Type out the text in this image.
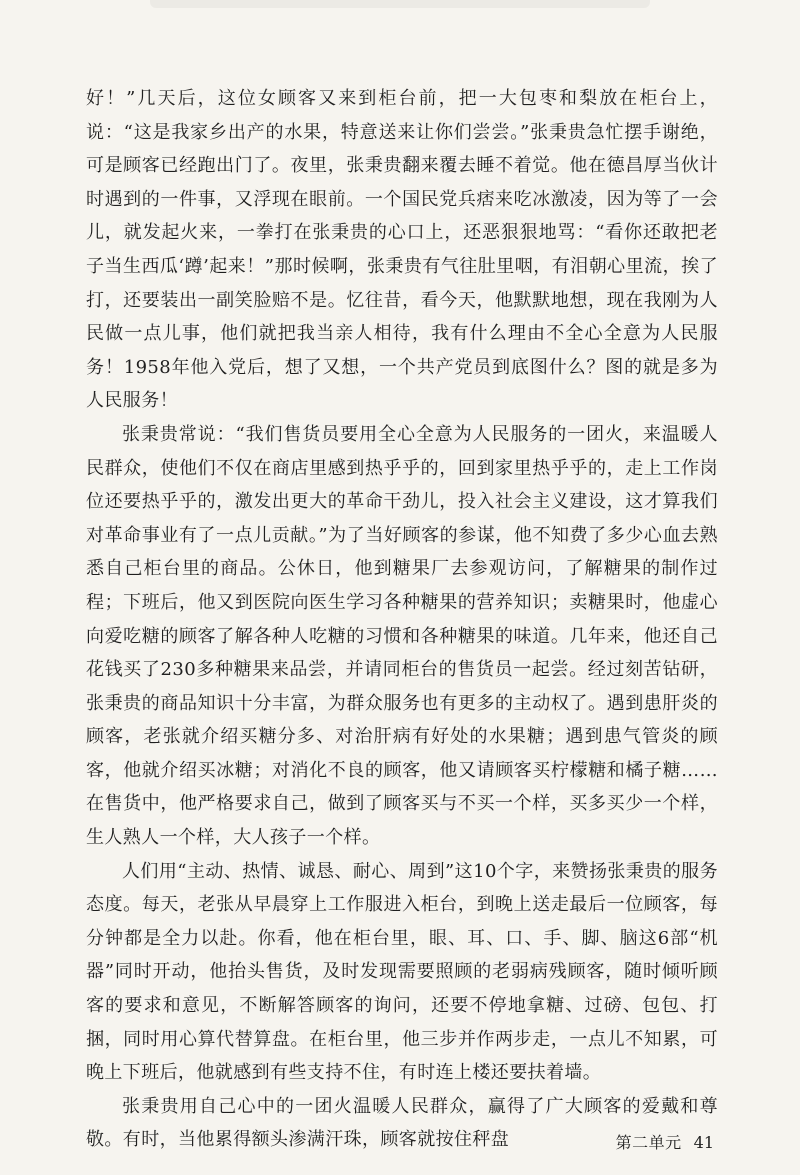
好！”几天后，这位女顾客又来到柜台前，把一大包枣和梨放在柜台上，说：“这是我家乡出产的水果，特意送来让你们尝尝。”张秉贵急忙摆手谢绝，可是顾客已经跑出门了。夜里，张秉贵翻来覆去睡不着觉。他在德昌厚当伙计时遇到的一件事，又浮现在眼前。一个国民党兵痞来吃冰激凌，因为等了一会儿，就发起火来，一拳打在张秉贵的心口上，还恶狠狠地骂：“看你还敢把老子当生西瓜‘蹲’起来！”那时候啊，张秉贵有气往肚里咽，有泪朝心里流，挨了打，还要装出一副笑脸赔不是。忆往昔，看今天，他默默地想，现在我刚为人民做一点儿事，他们就把我当亲人相待，我有什么理由不全心全意为人民服务！1958年他入党后，想了又想，一个共产党员到底图什么？图的就是多为人民服务！

张秉贵常说：“我们售货员要用全心全意为人民服务的一团火，来温暖人民群众，使他们不仅在商店里感到热乎乎的，回到家里热乎乎的，走上工作岗位还要热乎乎的，激发出更大的革命干劲儿，投入社会主义建设，这才算我们对革命事业有了一点儿贡献。”为了当好顾客的参谋，他不知费了多少心血去熟悉自己柜台里的商品。公休日，他到糖果厂去参观访问，了解糖果的制作过程；下班后，他又到医院向医生学习各种糖果的营养知识；卖糖果时，他虚心向爱吃糖的顾客了解各种人吃糖的习惯和各种糖果的味道。几年来，他还自己花钱买了230多种糖果来品尝，并请同柜台的售货员一起尝。经过刻苦钻研，张秉贵的商品知识十分丰富，为群众服务也有更多的主动权了。遇到患肝炎的顾客，老张就介绍买糖分多、对治肝病有好处的水果糖；遇到患气管炎的顾客，他就介绍买冰糖；对消化不良的顾客，他又请顾客买柠檬糖和橘子糖……在售货中，他严格要求自己，做到了顾客买与不买一个样，买多买少一个样，生人熟人一个样，大人孩子一个样。

人们用“主动、热情、诚恳、耐心、周到”这10个字，来赞扬张秉贵的服务态度。每天，老张从早晨穿上工作服进入柜台，到晚上送走最后一位顾客，每分钟都是全力以赴。你看，他在柜台里，眼、耳、口、手、脚、脑这6部“机器”同时开动，他抬头售货，及时发现需要照顾的老弱病残顾客，随时倾听顾客的要求和意见，不断解答顾客的询问，还要不停地拿糖、过磅、包包、打捆，同时用心算代替算盘。在柜台里，他三步并作两步走，一点儿不知累，可晚上下班后，他就感到有些支持不住，有时连上楼还要扶着墙。

张秉贵用自己心中的一团火温暖人民群众，赢得了广大顾客的爱戴和尊敬。有时，当他累得额头渗满汗珠，顾客就按住秤盘	第二单元 41
